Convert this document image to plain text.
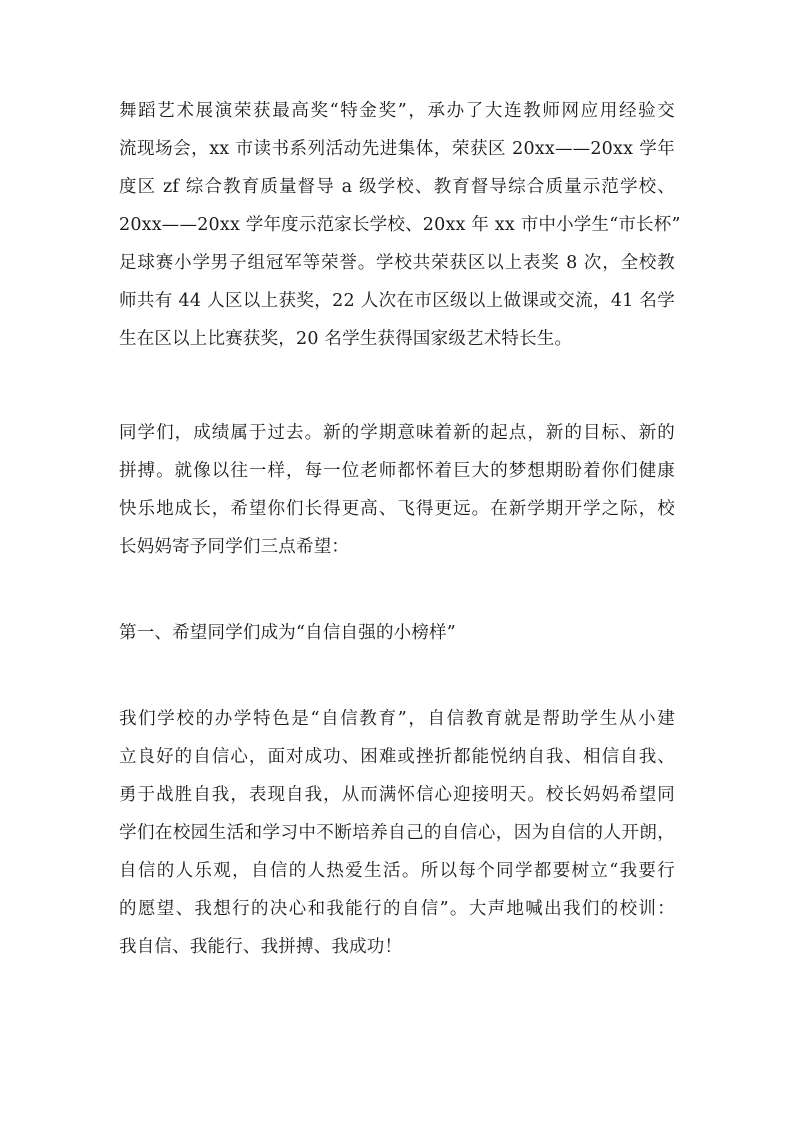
舞蹈艺术展演荣获最高奖“特金奖”，承办了大连教师网应用经验交
流现场会，xx 市读书系列活动先进集体，荣获区 20xx——20xx 学年
度区 zf 综合教育质量督导 a 级学校、教育督导综合质量示范学校、
20xx——20xx 学年度示范家长学校、20xx 年 xx 市中小学生“市长杯”
足球赛小学男子组冠军等荣誉。学校共荣获区以上表奖 8 次，全校教
师共有 44 人区以上获奖，22 人次在市区级以上做课或交流，41 名学
生在区以上比赛获奖，20 名学生获得国家级艺术特长生。
同学们，成绩属于过去。新的学期意味着新的起点，新的目标、新的
拼搏。就像以往一样，每一位老师都怀着巨大的梦想期盼着你们健康
快乐地成长，希望你们长得更高、飞得更远。在新学期开学之际，校
长妈妈寄予同学们三点希望：
第一、希望同学们成为“自信自强的小榜样”
我们学校的办学特色是“自信教育”，自信教育就是帮助学生从小建
立良好的自信心，面对成功、困难或挫折都能悦纳自我、相信自我、
勇于战胜自我，表现自我，从而满怀信心迎接明天。校长妈妈希望同
学们在校园生活和学习中不断培养自己的自信心，因为自信的人开朗，
自信的人乐观，自信的人热爱生活。所以每个同学都要树立“我要行
的愿望、我想行的决心和我能行的自信”。大声地喊出我们的校训：
我自信、我能行、我拼搏、我成功！
